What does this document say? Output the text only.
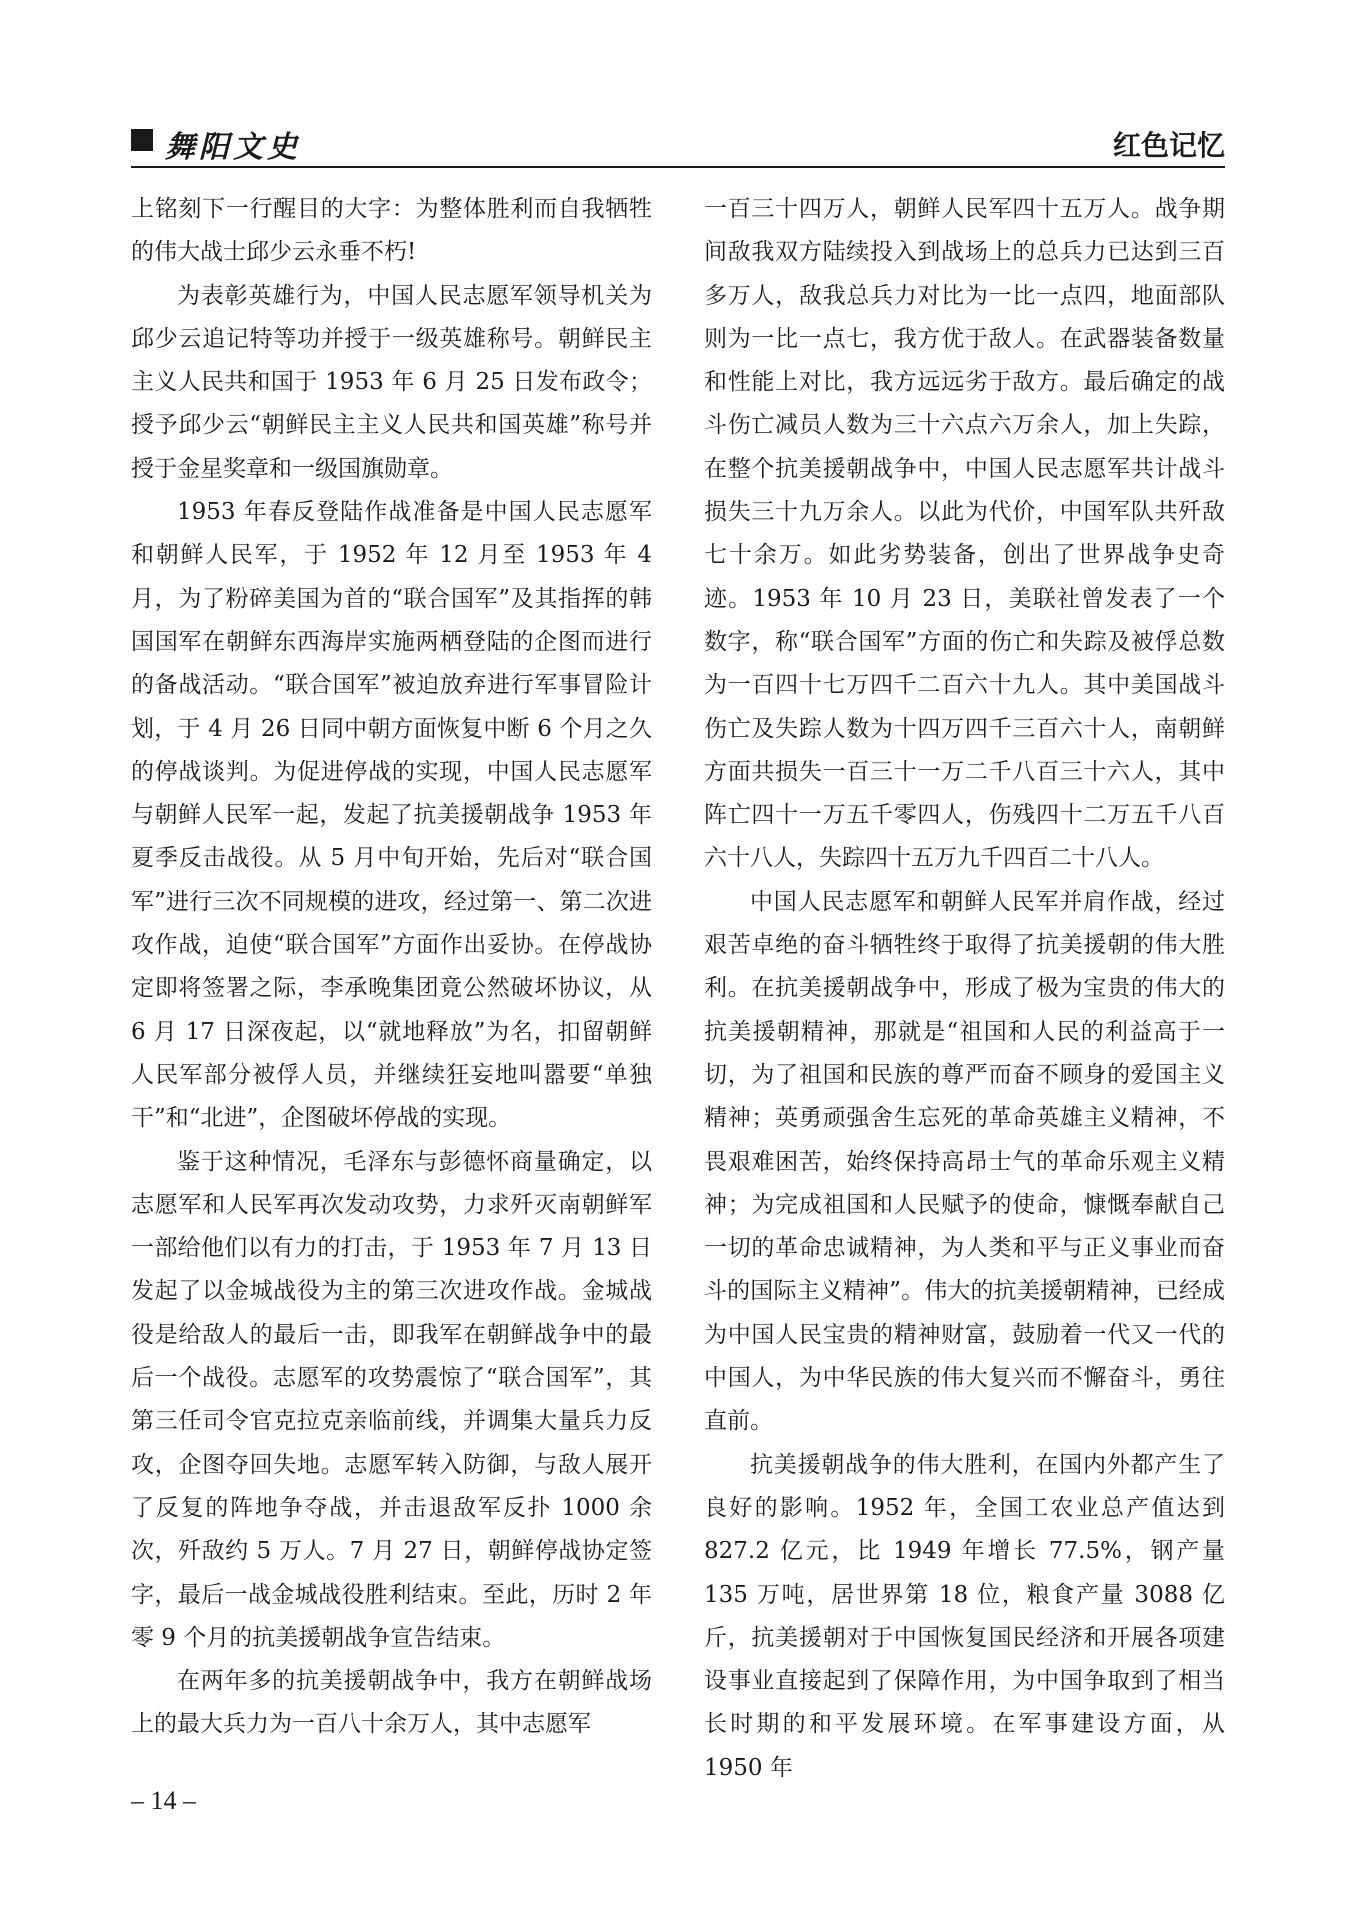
舞阳文史	红色记忆

上铭刻下一行醒目的大字：为整体胜利而自我牺牲的伟大战士邱少云永垂不朽!

为表彰英雄行为，中国人民志愿军领导机关为邱少云追记特等功并授于一级英雄称号。朝鲜民主主义人民共和国于 1953 年 6 月 25 日发布政令；授予邱少云“朝鲜民主主义人民共和国英雄”称号并授于金星奖章和一级国旗勋章。

1953 年春反登陆作战准备是中国人民志愿军和朝鲜人民军，于 1952 年 12 月至 1953 年 4 月，为了粉碎美国为首的“联合国军”及其指挥的韩国国军在朝鲜东西海岸实施两栖登陆的企图而进行的备战活动。“联合国军”被迫放弃进行军事冒险计划，于 4 月 26 日同中朝方面恢复中断 6 个月之久的停战谈判。为促进停战的实现，中国人民志愿军与朝鲜人民军一起，发起了抗美援朝战争 1953 年夏季反击战役。从 5 月中旬开始，先后对“联合国军”进行三次不同规模的进攻，经过第一、第二次进攻作战，迫使“联合国军”方面作出妥协。在停战协定即将签署之际，李承晚集团竟公然破坏协议，从 6 月 17 日深夜起，以“就地释放”为名，扣留朝鲜人民军部分被俘人员，并继续狂妄地叫嚣要“单独干”和“北进”，企图破坏停战的实现。

鉴于这种情况，毛泽东与彭德怀商量确定，以志愿军和人民军再次发动攻势，力求歼灭南朝鲜军一部给他们以有力的打击，于 1953 年 7 月 13 日发起了以金城战役为主的第三次进攻作战。金城战役是给敌人的最后一击，即我军在朝鲜战争中的最后一个战役。志愿军的攻势震惊了“联合国军”，其第三任司令官克拉克亲临前线，并调集大量兵力反攻，企图夺回失地。志愿军转入防御，与敌人展开了反复的阵地争夺战，并击退敌军反扑 1000 余次，歼敌约 5 万人。7 月 27 日，朝鲜停战协定签字，最后一战金城战役胜利结束。至此，历时 2 年零 9 个月的抗美援朝战争宣告结束。

在两年多的抗美援朝战争中，我方在朝鲜战场上的最大兵力为一百八十余万人，其中志愿军

一百三十四万人，朝鲜人民军四十五万人。战争期间敌我双方陆续投入到战场上的总兵力已达到三百多万人，敌我总兵力对比为一比一点四，地面部队则为一比一点七，我方优于敌人。在武器装备数量和性能上对比，我方远远劣于敌方。最后确定的战斗伤亡减员人数为三十六点六万余人，加上失踪，在整个抗美援朝战争中，中国人民志愿军共计战斗损失三十九万余人。以此为代价，中国军队共歼敌七十余万。如此劣势装备，创出了世界战争史奇迹。1953 年 10 月 23 日，美联社曾发表了一个数字，称“联合国军”方面的伤亡和失踪及被俘总数为一百四十七万四千二百六十九人。其中美国战斗伤亡及失踪人数为十四万四千三百六十人，南朝鲜方面共损失一百三十一万二千八百三十六人，其中阵亡四十一万五千零四人，伤残四十二万五千八百六十八人，失踪四十五万九千四百二十八人。

中国人民志愿军和朝鲜人民军并肩作战，经过艰苦卓绝的奋斗牺牲终于取得了抗美援朝的伟大胜利。在抗美援朝战争中，形成了极为宝贵的伟大的抗美援朝精神，那就是“祖国和人民的利益高于一切，为了祖国和民族的尊严而奋不顾身的爱国主义精神；英勇顽强舍生忘死的革命英雄主义精神，不畏艰难困苦，始终保持高昂士气的革命乐观主义精神；为完成祖国和人民赋予的使命，慷慨奉献自己一切的革命忠诚精神，为人类和平与正义事业而奋斗的国际主义精神”。伟大的抗美援朝精神，已经成为中国人民宝贵的精神财富，鼓励着一代又一代的中国人，为中华民族的伟大复兴而不懈奋斗，勇往直前。

抗美援朝战争的伟大胜利，在国内外都产生了良好的影响。1952 年，全国工农业总产值达到 827.2 亿元，比 1949 年增长 77.5%，钢产量 135 万吨，居世界第 18 位，粮食产量 3088 亿斤，抗美援朝对于中国恢复国民经济和开展各项建设事业直接起到了保障作用，为中国争取到了相当长时期的和平发展环境。在军事建设方面，从 1950 年

– 14 –
